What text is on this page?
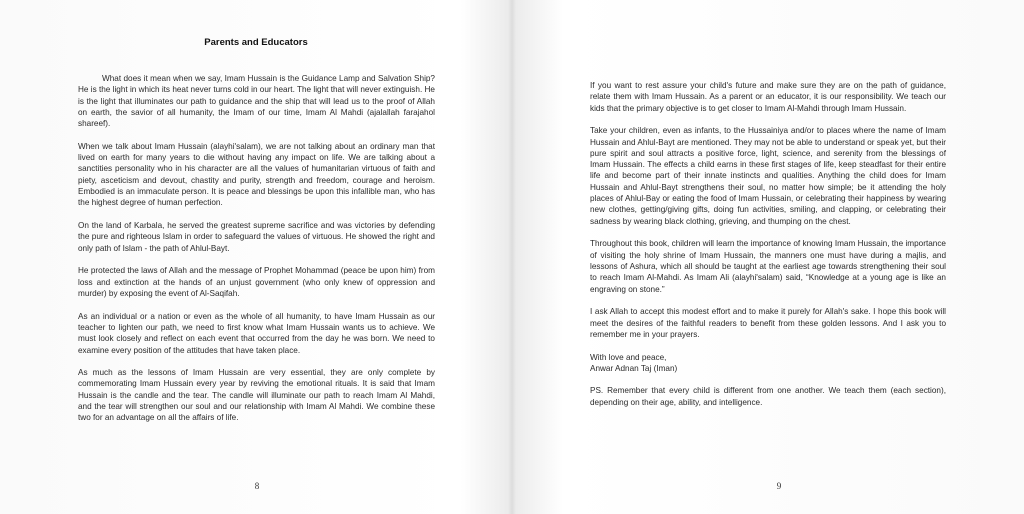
Parents and Educators

What does it mean when we say, Imam Hussain is the Guidance Lamp and Salvation Ship? He is the light in which its heat never turns cold in our heart. The light that will never extinguish. He is the light that illuminates our path to guidance and the ship that will lead us to the proof of Allah on earth, the savior of all humanity, the Imam of our time, Imam Al Mahdi (ajalallah farajahol shareef).

When we talk about Imam Hussain (alayhi'salam), we are not talking about an ordinary man that lived on earth for many years to die without having any impact on life. We are talking about a sanctities personality who in his character are all the values of humanitarian virtuous of faith and piety, asceticism and devout, chastity and purity, strength and freedom, courage and heroism. Embodied is an immaculate person. It is peace and blessings be upon this infallible man, who has the highest degree of human perfection.

On the land of Karbala, he served the greatest supreme sacrifice and was victories by defending the pure and righteous Islam in order to safeguard the values of virtuous. He showed the right and only path of Islam - the path of Ahlul-Bayt.

He protected the laws of Allah and the message of Prophet Mohammad (peace be upon him) from loss and extinction at the hands of an unjust government (who only knew of oppression and murder) by exposing the event of Al-Saqifah.

As an individual or a nation or even as the whole of all humanity, to have Imam Hussain as our teacher to lighten our path, we need to first know what Imam Hussain wants us to achieve. We must look closely and reflect on each event that occurred from the day he was born. We need to examine every position of the attitudes that have taken place.

As much as the lessons of Imam Hussain are very essential, they are only complete by commemorating Imam Hussain every year by reviving the emotional rituals. It is said that Imam Hussain is the candle and the tear. The candle will illuminate our path to reach Imam Al Mahdi, and the tear will strengthen our soul and our relationship with Imam Al Mahdi. We combine these two for an advantage on all the affairs of life.

8

If you want to rest assure your child's future and make sure they are on the path of guidance, relate them with Imam Hussain. As a parent or an educator, it is our responsibility. We teach our kids that the primary objective is to get closer to Imam Al-Mahdi through Imam Hussain.

Take your children, even as infants, to the Hussainiya and/or to places where the name of Imam Hussain and Ahlul-Bayt are mentioned. They may not be able to understand or speak yet, but their pure spirit and soul attracts a positive force, light, science, and serenity from the blessings of Imam Hussain. The effects a child earns in these first stages of life, keep steadfast for their entire life and become part of their innate instincts and qualities. Anything the child does for Imam Hussain and Ahlul-Bayt strengthens their soul, no matter how simple; be it attending the holy places of Ahlul-Bay or eating the food of Imam Hussain, or celebrating their happiness by wearing new clothes, getting/giving gifts, doing fun activities, smiling, and clapping, or celebrating their sadness by wearing black clothing, grieving, and thumping on the chest.

Throughout this book, children will learn the importance of knowing Imam Hussain, the importance of visiting the holy shrine of Imam Hussain, the manners one must have during a majlis, and lessons of Ashura, which all should be taught at the earliest age towards strengthening their soul to reach Imam Al-Mahdi. As Imam Ali (alayhi'salam) said, “Knowledge at a young age is like an engraving on stone.”

I ask Allah to accept this modest effort and to make it purely for Allah's sake. I hope this book will meet the desires of the faithful readers to benefit from these golden lessons. And I ask you to remember me in your prayers.

With love and peace,

Anwar Adnan Taj (Iman)

PS. Remember that every child is different from one another. We teach them (each section), depending on their age, ability, and intelligence.

9
